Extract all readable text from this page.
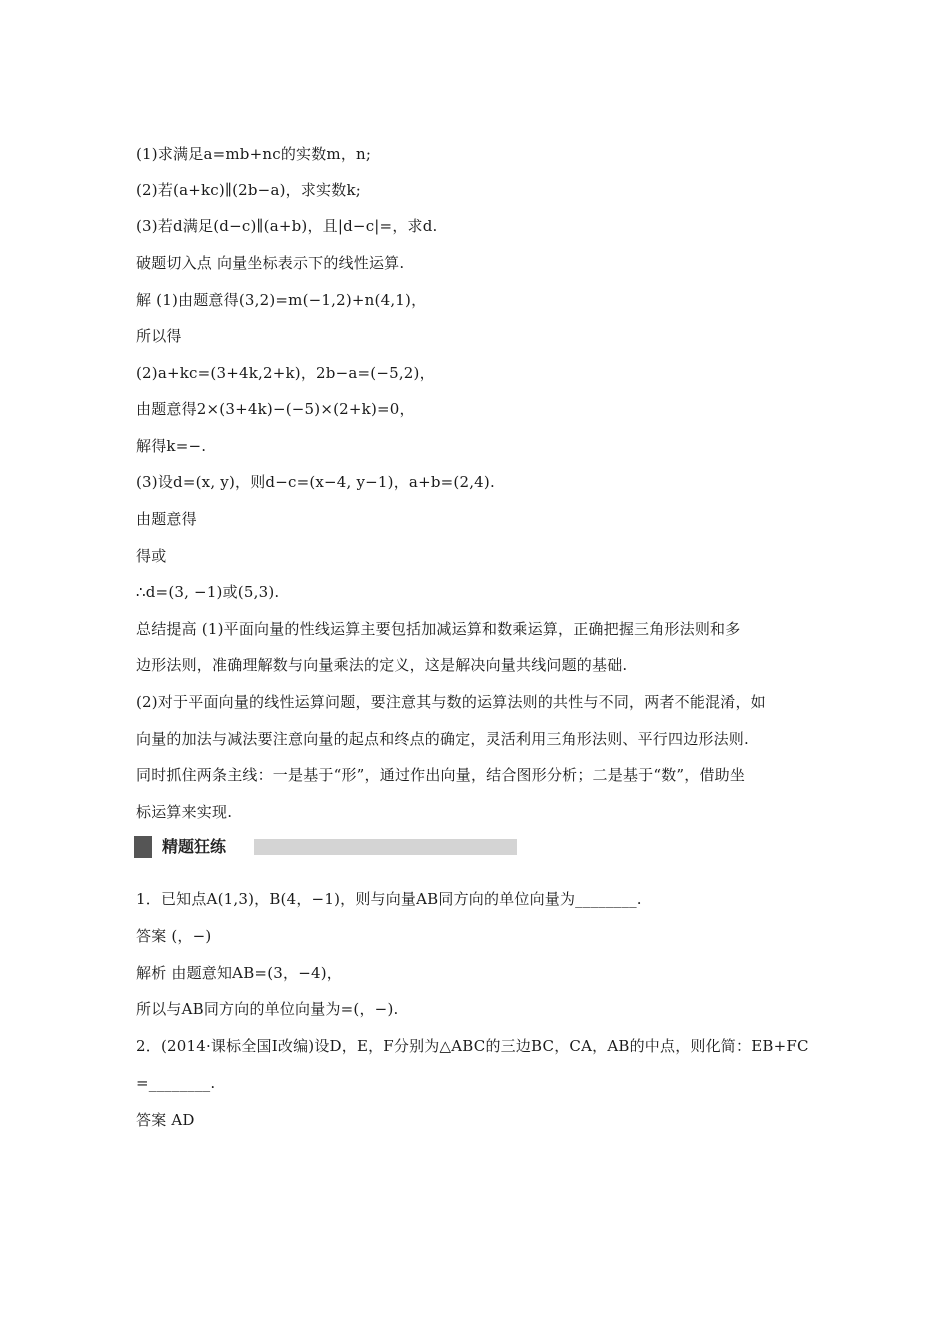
(1)求满足a=mb+nc的实数m，n;
(2)若(a+kc)∥(2b−a)，求实数k;
(3)若d满足(d−c)∥(a+b)，且|d−c|=，求d.
破题切入点 向量坐标表示下的线性运算.
解 (1)由题意得(3,2)=m(−1,2)+n(4,1)，
所以得
(2)a+kc=(3+4k,2+k)，2b−a=(−5,2)，
由题意得2×(3+4k)−(−5)×(2+k)=0，
解得k=−.
(3)设d=(x, y)，则d−c=(x−4, y−1)，a+b=(2,4).
由题意得
得或
∴d=(3, −1)或(5,3).
总结提高 (1)平面向量的性线运算主要包括加减运算和数乘运算，正确把握三角形法则和多
边形法则，准确理解数与向量乘法的定义，这是解决向量共线问题的基础.
(2)对于平面向量的线性运算问题，要注意其与数的运算法则的共性与不同，两者不能混淆，如
向量的加法与减法要注意向量的起点和终点的确定，灵活利用三角形法则、平行四边形法则.
同时抓住两条主线：一是基于“形”，通过作出向量，结合图形分析；二是基于“数”，借助坐
标运算来实现.
精题狂练
1．已知点A(1,3)，B(4，−1)，则与向量AB同方向的单位向量为________.
答案 (，−)
解析 由题意知AB=(3，−4)，
所以与AB同方向的单位向量为=(，−).
2．(2014·课标全国Ⅰ改编)设D，E，F分别为△ABC的三边BC，CA，AB的中点，则化简：EB+FC
=________.
答案 AD
